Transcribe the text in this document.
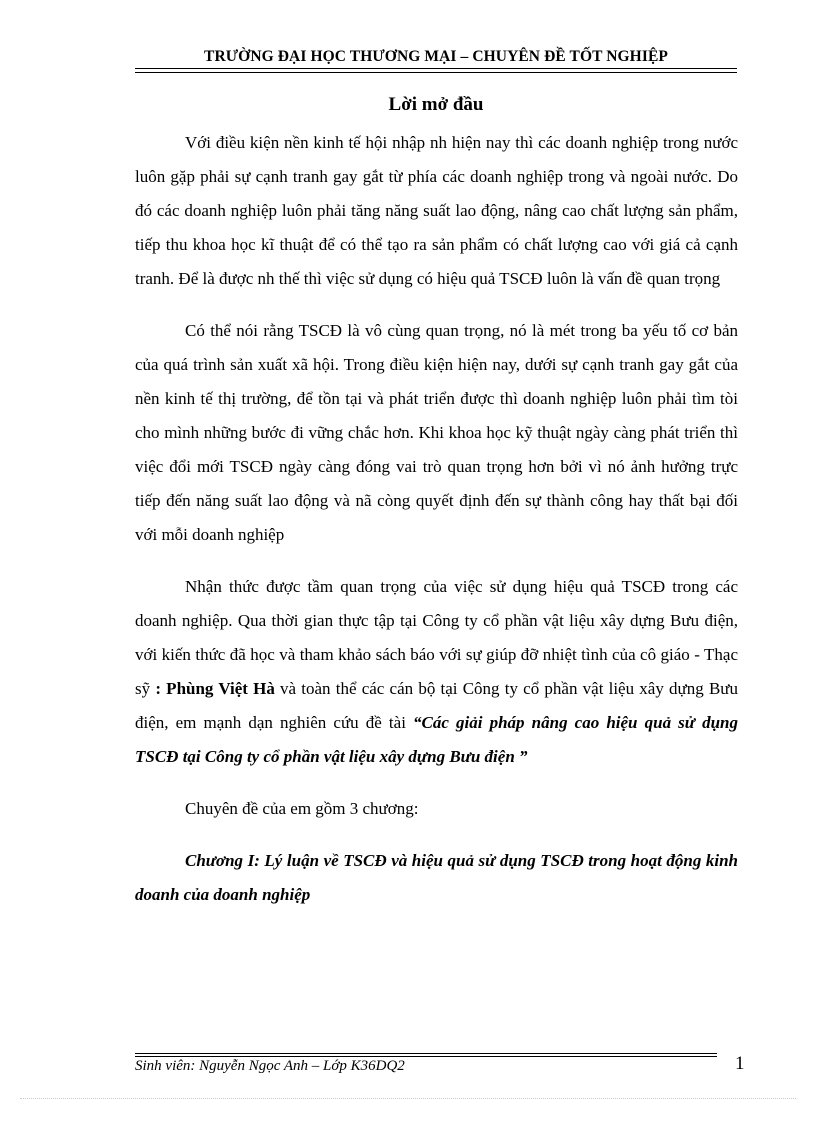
TRƯỜNG ĐẠI HỌC THƯƠNG MẠI – CHUYÊN ĐỀ TỐT NGHIỆP
Lời mở đầu

Với điều kiện nền kinh tế hội nhập nh hiện nay thì các doanh nghiệp trong nước luôn gặp phải sự cạnh tranh gay gắt từ phía các doanh nghiệp trong và ngoài nước. Do đó các doanh nghiệp luôn phải tăng năng suất lao động, nâng cao chất lượng sản phẩm, tiếp thu khoa học kĩ thuật để có thể tạo ra sản phẩm có chất lượng cao với giá cả cạnh tranh. Để là được nh thế thì việc sử dụng có hiệu quả TSCĐ luôn là vấn đề quan trọng

Có thể nói rằng TSCĐ là vô cùng quan trọng, nó là mét trong ba yếu tố cơ bản của quá trình sản xuất xã hội. Trong điều kiện hiện nay, dưới sự cạnh tranh gay gắt của nền kinh tế thị trường, để tồn tại và phát triển được thì doanh nghiệp luôn phải tìm tòi cho mình những bước đi vững chắc hơn. Khi khoa học kỹ thuật ngày càng phát triển thì việc đổi mới TSCĐ ngày càng đóng vai trò quan trọng hơn bởi vì nó ảnh hưởng trực tiếp đến năng suất lao động và nã còng quyết định đến sự thành công hay thất bại đối với mỗi doanh nghiệp

Nhận thức được tầm quan trọng của việc sử dụng hiệu quả TSCĐ trong các doanh nghiệp. Qua thời gian thực tập tại Công ty cổ phần vật liệu xây dựng Bưu điện, với kiến thức đã học và tham khảo sách báo với sự giúp đỡ nhiệt tình của cô giáo - Thạc sỹ : Phùng Việt Hà và toàn thể các cán bộ tại Công ty cổ phần vật liệu xây dựng Bưu điện, em mạnh dạn nghiên cứu đề tài “Các giải pháp nâng cao hiệu quả sử dụng TSCĐ tại Công ty cổ phần vật liệu xây dựng Bưu điện ”

Chuyên đề của em gồm 3 chương:

Chương I: Lý luận về TSCĐ và hiệu quả sử dụng TSCĐ trong hoạt động kinh doanh của doanh nghiệp

Sinh viên: Nguyễn Ngọc Anh – Lớp K36DQ2	1
